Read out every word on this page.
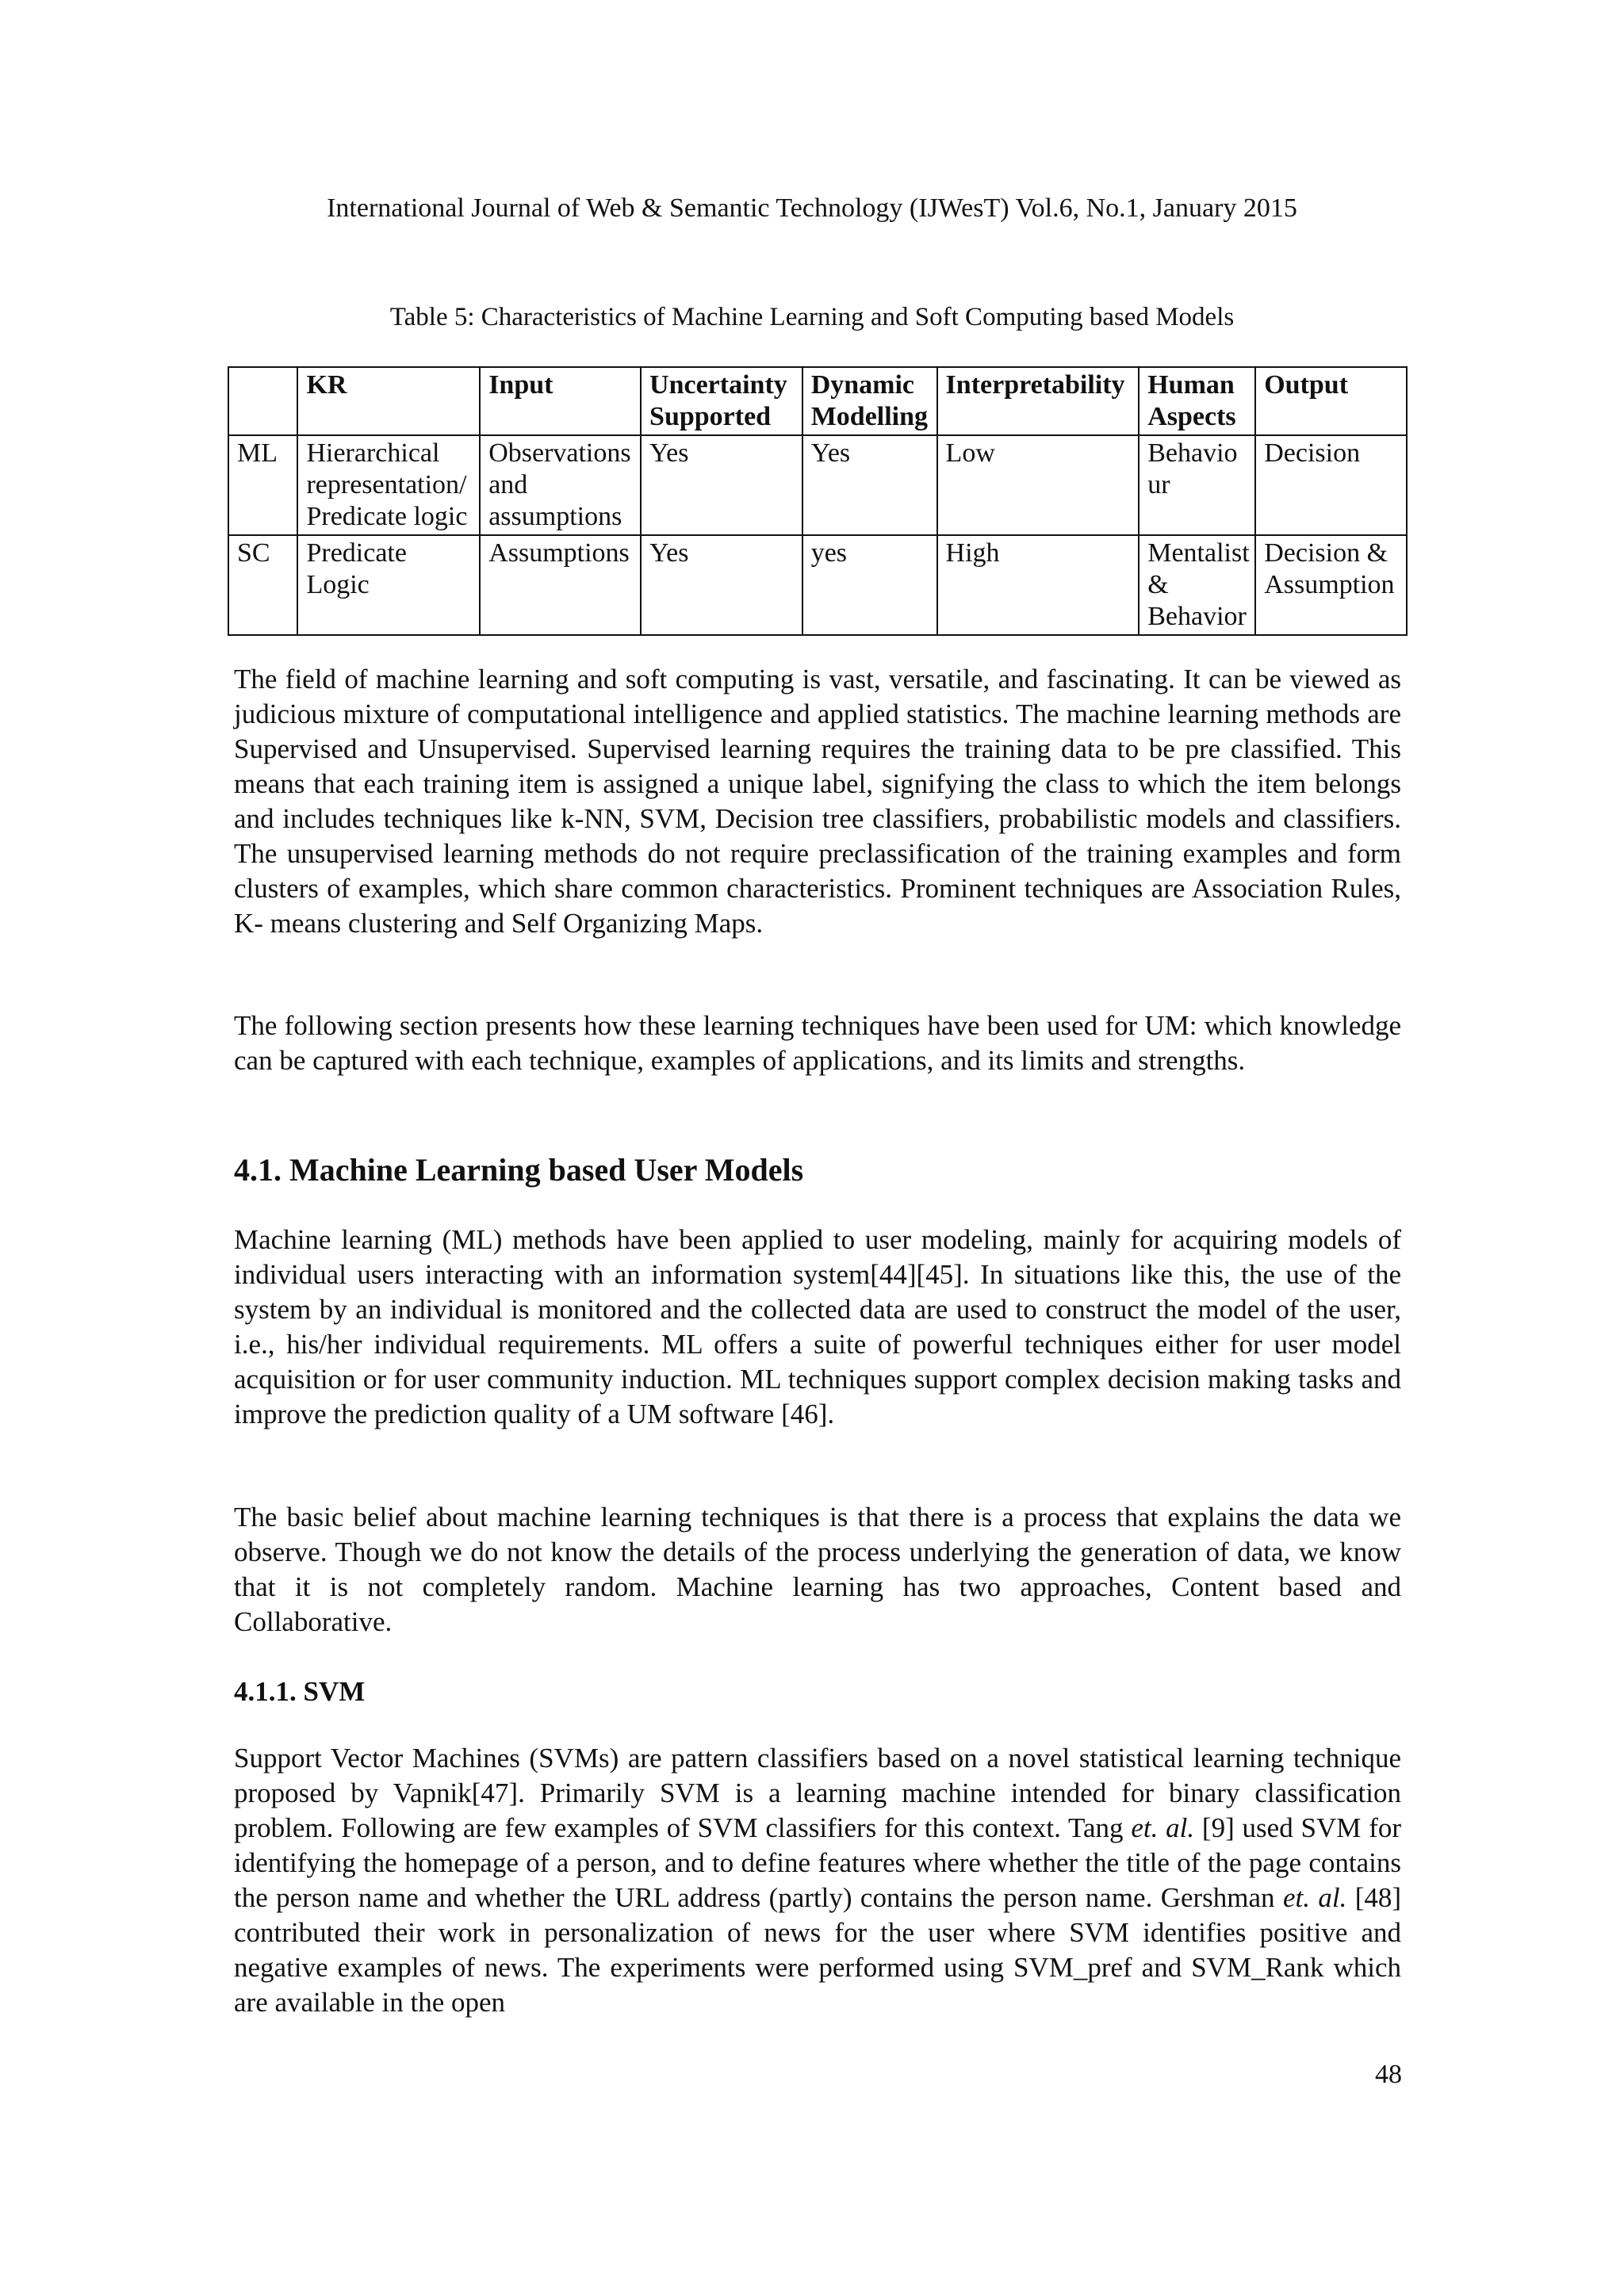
International Journal of Web & Semantic Technology (IJWesT) Vol.6, No.1, January 2015
Table 5: Characteristics of Machine Learning and Soft Computing based Models
	KR	Input	Uncertainty Supported	Dynamic Modelling	Interpretability	Human Aspects	Output
ML	Hierarchical representation/ Predicate logic	Observations and assumptions	Yes	Yes	Low	Behavio ur	Decision
SC	Predicate Logic	Assumptions	Yes	yes	High	Mentalist & Behavior	Decision & Assumption

The field of machine learning and soft computing is vast, versatile, and fascinating. It can be viewed as judicious mixture of computational intelligence and applied statistics. The machine learning methods are Supervised and Unsupervised. Supervised learning requires the training data to be pre classified. This means that each training item is assigned a unique label, signifying the class to which the item belongs and includes techniques like k-NN, SVM, Decision tree classifiers, probabilistic models and classifiers. The unsupervised learning methods do not require preclassification of the training examples and form clusters of examples, which share common characteristics. Prominent techniques are Association Rules, K- means clustering and Self Organizing Maps.

The following section presents how these learning techniques have been used for UM: which knowledge can be captured with each technique, examples of applications, and its limits and strengths.

4.1. Machine Learning based User Models

Machine learning (ML) methods have been applied to user modeling, mainly for acquiring models of individual users interacting with an information system[44][45]. In situations like this, the use of the system by an individual is monitored and the collected data are used to construct the model of the user, i.e., his/her individual requirements. ML offers a suite of powerful techniques either for user model acquisition or for user community induction. ML techniques support complex decision making tasks and improve the prediction quality of a UM software [46].

The basic belief about machine learning techniques is that there is a process that explains the data we observe. Though we do not know the details of the process underlying the generation of data, we know that it is not completely random. Machine learning has two approaches, Content based and Collaborative.

4.1.1. SVM

Support Vector Machines (SVMs) are pattern classifiers based on a novel statistical learning technique proposed by Vapnik[47]. Primarily SVM is a learning machine intended for binary classification problem. Following are few examples of SVM classifiers for this context. Tang et. al. [9] used SVM for identifying the homepage of a person, and to define features where whether the title of the page contains the person name and whether the URL address (partly) contains the person name. Gershman et. al. [48] contributed their work in personalization of news for the user where SVM identifies positive and negative examples of news. The experiments were performed using SVM_pref and SVM_Rank which are available in the open

48
